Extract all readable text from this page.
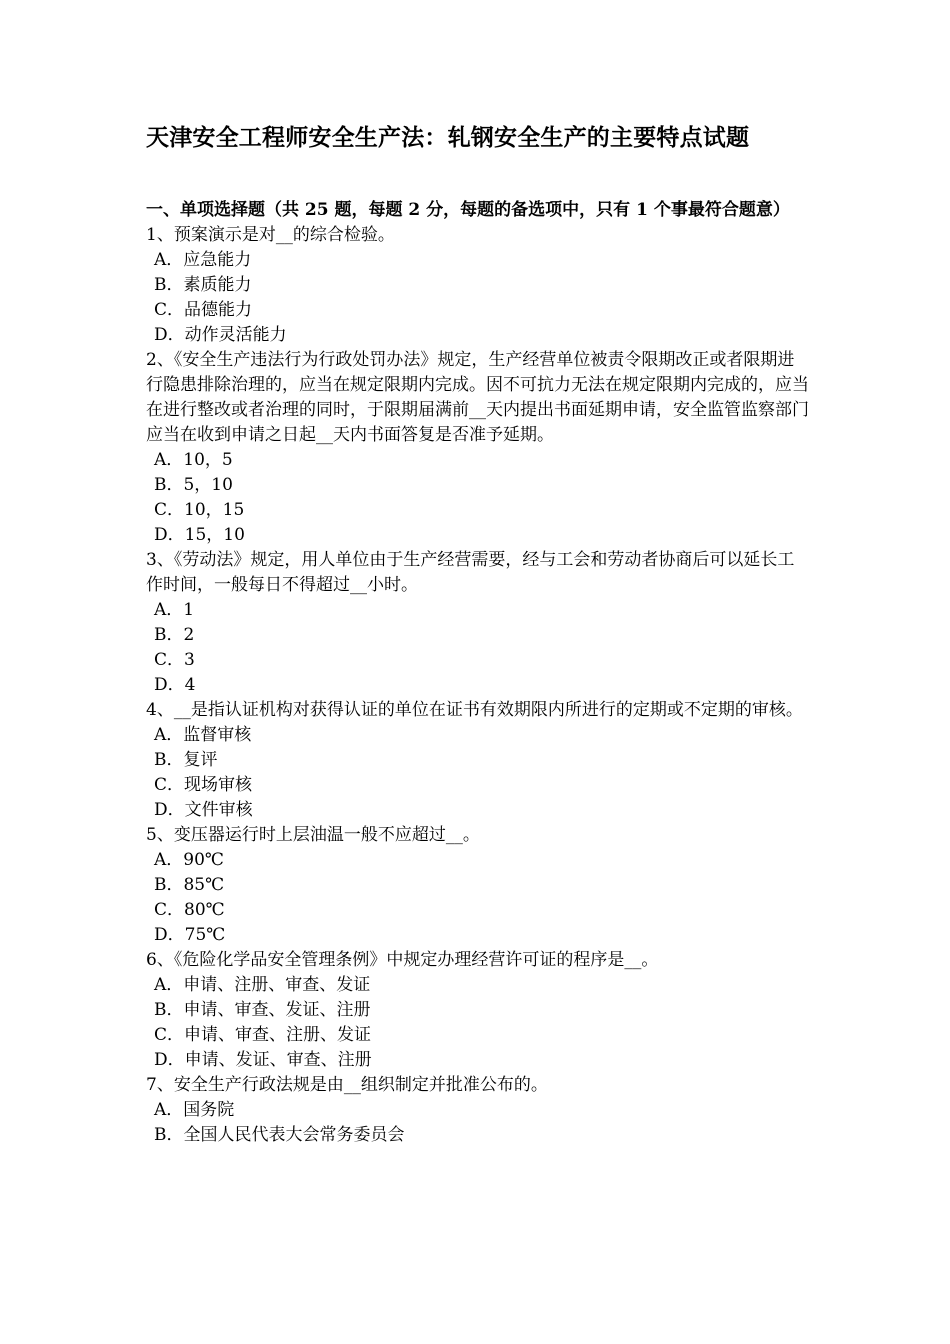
天津安全工程师安全生产法：轧钢安全生产的主要特点试题
一、单项选择题（共 25 题，每题 2 分，每题的备选项中，只有 1 个事最符合题意）

1、预案演示是对__的综合检验。

A．应急能力
B．素质能力
C．品德能力
D．动作灵活能力

2、《安全生产违法行为行政处罚办法》规定，生产经营单位被责令限期改正或者限期进行隐患排除治理的，应当在规定限期内完成。因不可抗力无法在规定限期内完成的，应当在进行整改或者治理的同时，于限期届满前__天内提出书面延期申请，安全监管监察部门应当在收到申请之日起__天内书面答复是否准予延期。

A．10，5
B．5，10
C．10，15
D．15，10

3、《劳动法》规定，用人单位由于生产经营需要，经与工会和劳动者协商后可以延长工作时间，一般每日不得超过__小时。

A．1
B．2
C．3
D．4

4、__是指认证机构对获得认证的单位在证书有效期限内所进行的定期或不定期的审核。

A．监督审核
B．复评
C．现场审核
D．文件审核

5、变压器运行时上层油温一般不应超过__。

A．90℃
B．85℃
C．80℃
D．75℃

6、《危险化学品安全管理条例》中规定办理经营许可证的程序是__。

A．申请、注册、审查、发证
B．申请、审查、发证、注册
C．申请、审查、注册、发证
D．申请、发证、审查、注册

7、安全生产行政法规是由__组织制定并批准公布的。

A．国务院
B．全国人民代表大会常务委员会
